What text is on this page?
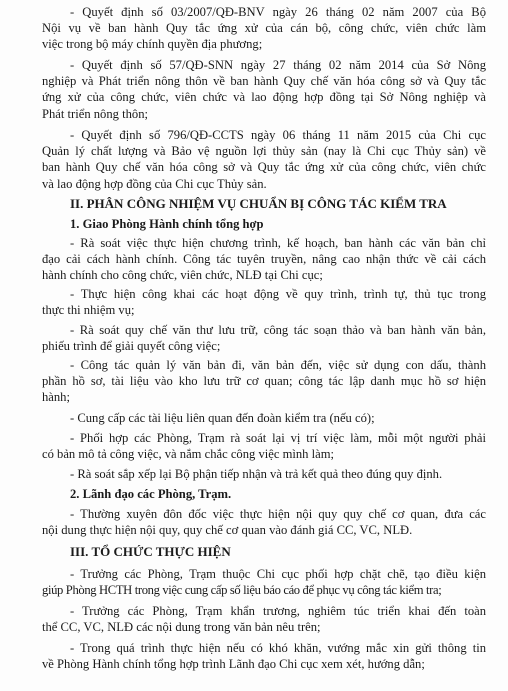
- Quyết định số 03/2007/QĐ-BNV ngày 26 tháng 02 năm 2007 của Bộ
Nội vụ về ban hành Quy tắc ứng xử của cán bộ, công chức, viên chức làm
việc trong bộ máy chính quyền địa phương;
- Quyết định số 57/QĐ-SNN ngày 27 tháng 02 năm 2014 của Sở Nông
nghiệp và Phát triển nông thôn về ban hành Quy chế văn hóa công sở và Quy tắc
ứng xử của công chức, viên chức và lao động hợp đồng tại Sở Nông nghiệp và
Phát triển nông thôn;
- Quyết định số 796/QĐ-CCTS ngày 06 tháng 11 năm 2015 của Chi cục
Quản lý chất lượng và Bảo vệ nguồn lợi thủy sản (nay là Chi cục Thủy sản) về
ban hành Quy chế văn hóa công sở và Quy tắc ứng xử của công chức, viên chức
và lao động hợp đồng của Chi cục Thủy sản.
II. PHÂN CÔNG NHIỆM VỤ CHUẨN BỊ CÔNG TÁC KIỂM TRA
1. Giao Phòng Hành chính tổng hợp
- Rà soát việc thực hiện chương trình, kế hoạch, ban hành các văn bản chỉ
đạo cải cách hành chính. Công tác tuyên truyền, nâng cao nhận thức về cải cách
hành chính cho công chức, viên chức, NLĐ tại Chi cục;
- Thực hiện công khai các hoạt động về quy trình, trình tự, thủ tục trong
thực thi nhiệm vụ;
- Rà soát quy chế văn thư lưu trữ, công tác soạn thảo và ban hành văn bản,
phiếu trình để giải quyết công việc;
- Công tác quản lý văn bản đi, văn bản đến, việc sử dụng con dấu, thành
phần hồ sơ, tài liệu vào kho lưu trữ cơ quan; công tác lập danh mục hồ sơ hiện
hành;
- Cung cấp các tài liệu liên quan đến đoàn kiểm tra (nếu có);
- Phối hợp các Phòng, Trạm rà soát lại vị trí việc làm, mỗi một người phải
có bản mô tả công việc, và nắm chắc công việc mình làm;
- Rà soát sắp xếp lại Bộ phận tiếp nhận và trả kết quả theo đúng quy định.
2. Lãnh đạo các Phòng, Trạm.
- Thường xuyên đôn đốc việc thực hiện nội quy quy chế cơ quan, đưa các
nội dung thực hiện nội quy, quy chế cơ quan vào đánh giá CC, VC, NLĐ.
III. TỔ CHỨC THỰC HIỆN
- Trưởng các Phòng, Trạm thuộc Chi cục phối hợp chặt chẽ, tạo điều kiện
giúp Phòng HCTH trong việc cung cấp số liệu báo cáo để phục vụ công tác kiểm tra;
- Trưởng các Phòng, Trạm khẩn trương, nghiêm túc triển khai đến toàn
thể CC, VC, NLĐ các nội dung trong văn bản nêu trên;
- Trong quá trình thực hiện nếu có khó khăn, vướng mắc xin gửi thông tin
về Phòng Hành chính tổng hợp trình Lãnh đạo Chi cục xem xét, hướng dẫn;
